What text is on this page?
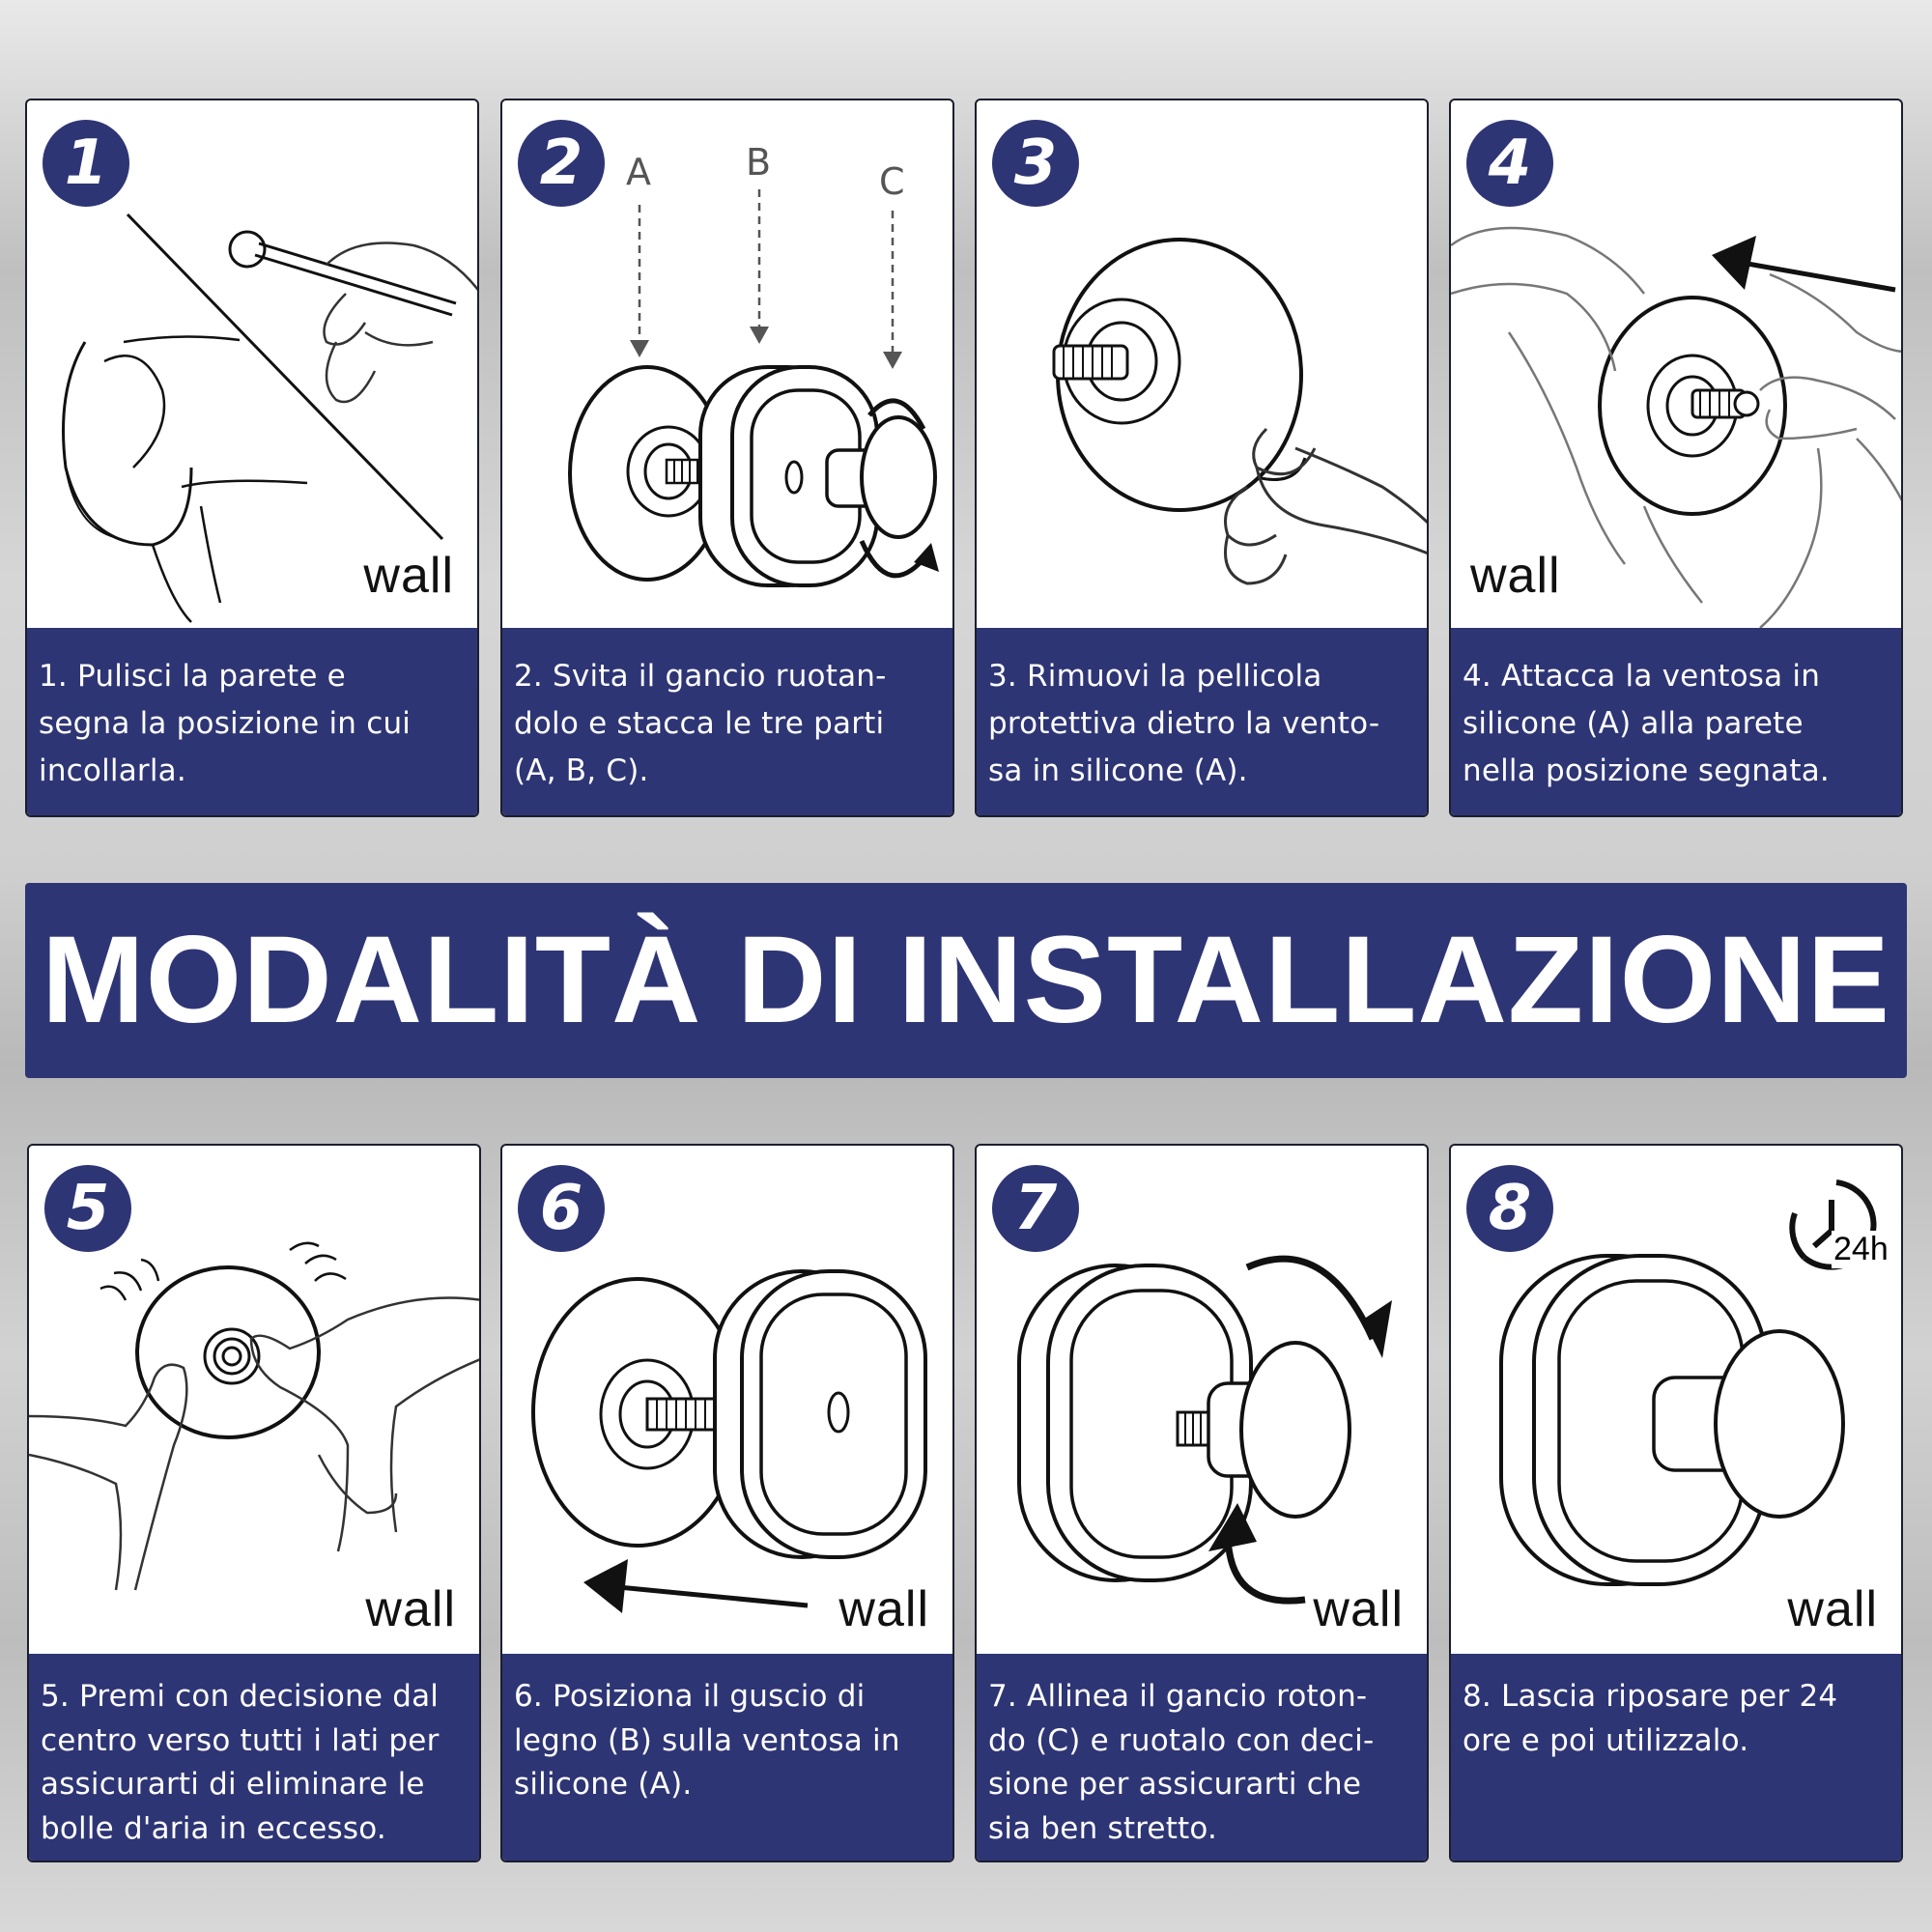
1
wall
1. Pulisci la parete e
segna la posizione in cui
incollarla.
2	A	B	C
2. Svita il gancio ruotan-
dolo e stacca le tre parti
(A, B, C).
3
3. Rimuovi la pellicola
protettiva dietro la vento-
sa in silicone (A).
4
wall
4. Attacca la ventosa in
silicone (A) alla parete
nella posizione segnata.
MODALITÀ DI INSTALLAZIONE
5
wall
5. Premi con decisione dal
centro verso tutti i lati per
assicurarti di eliminare le
bolle d'aria in eccesso.
6
wall
6. Posiziona il guscio di
legno (B) sulla ventosa in
silicone (A).
7
wall
7. Allinea il gancio roton-
do (C) e ruotalo con deci-
sione per assicurarti che
sia ben stretto.
24h
8
wall
8. Lascia riposare per 24
ore e poi utilizzalo.
